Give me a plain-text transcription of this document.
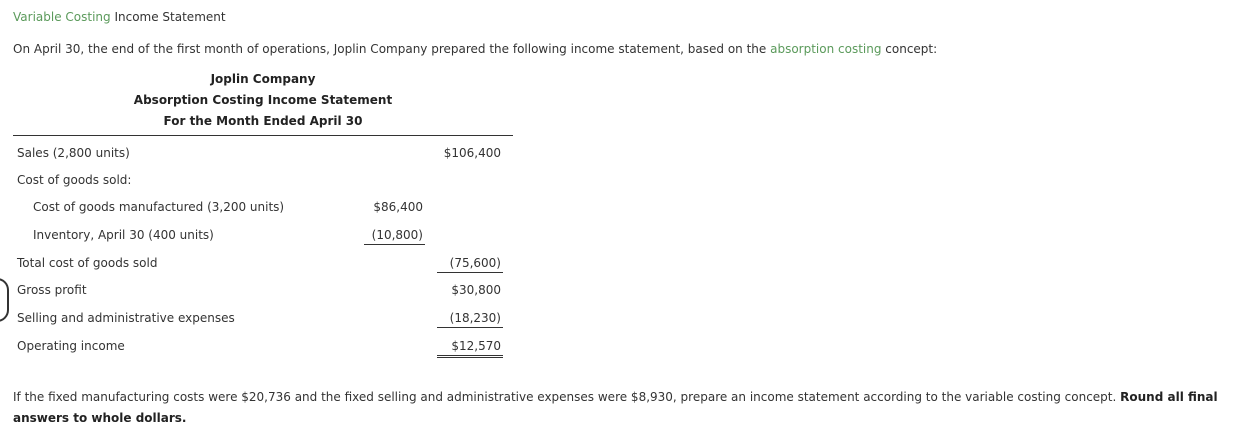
Variable Costing Income Statement
On April 30, the end of the first month of operations, Joplin Company prepared the following income statement, based on the absorption costing concept:
Joplin Company
Absorption Costing Income Statement
For the Month Ended April 30
Sales (2,800 units)	$106,400
Cost of goods sold:
Cost of goods manufactured (3,200 units)	$86,400
Inventory, April 30 (400 units)	(10,800)
Total cost of goods sold	(75,600)
Gross profit	$30,800
Selling and administrative expenses	(18,230)
Operating income	$12,570
If the fixed manufacturing costs were $20,736 and the fixed selling and administrative expenses were $8,930, prepare an income statement according to the variable costing concept. Round all final answers to whole dollars.
